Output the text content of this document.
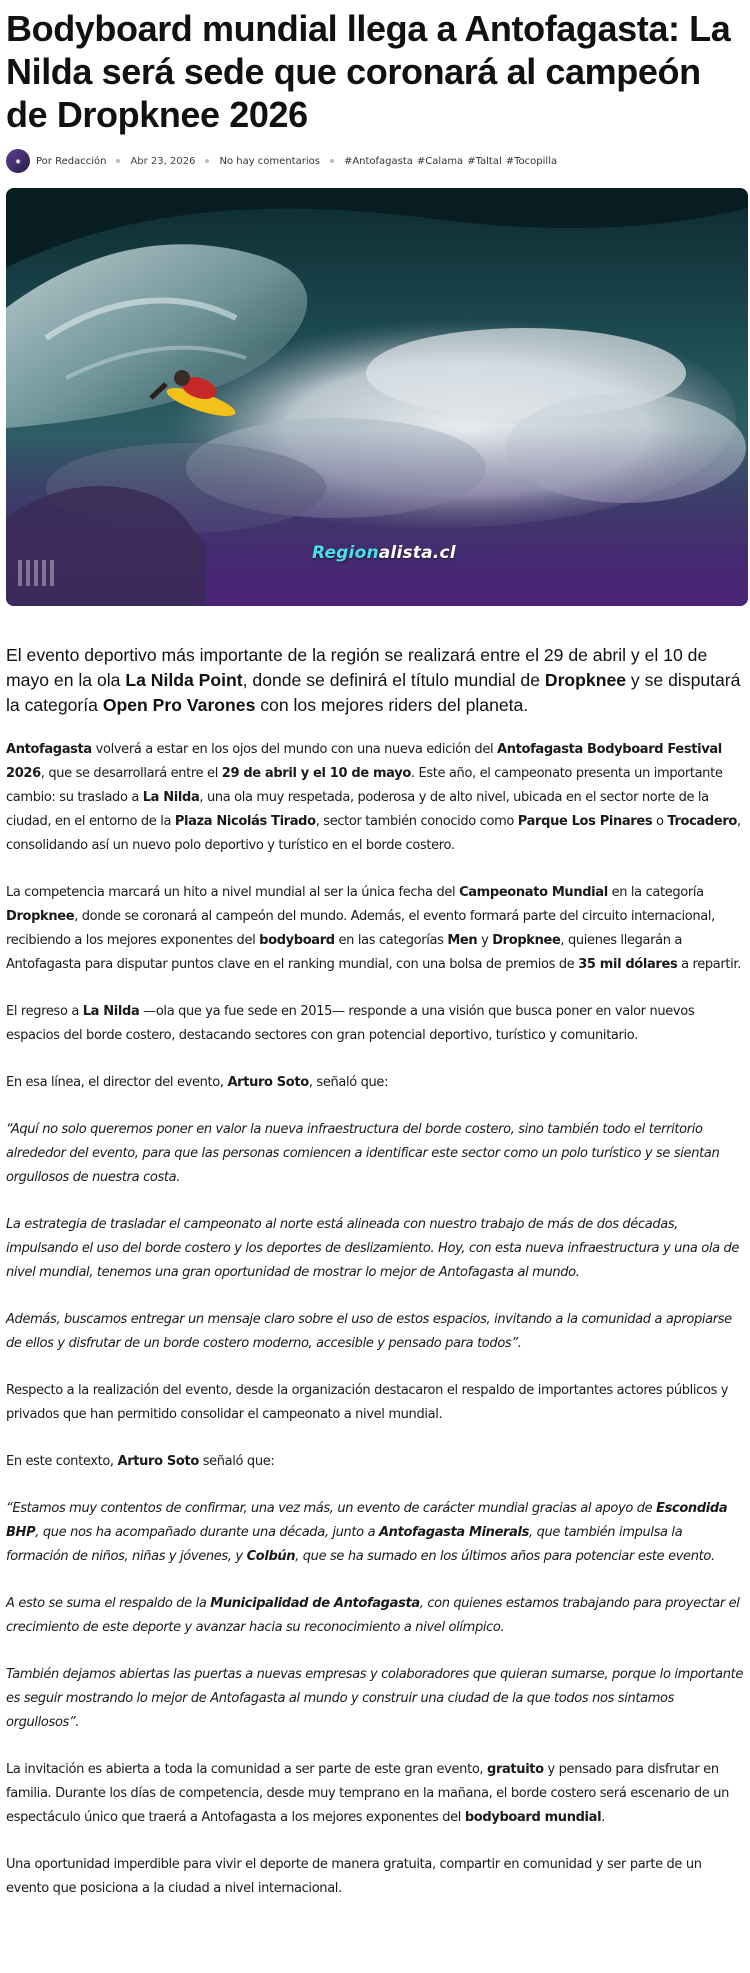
Bodyboard mundial llega a Antofagasta: La Nilda será sede que coronará al campeón de Dropknee 2026
◉ Por Redacción Abr 23, 2026 No hay comentarios #Antofagasta #Calama #Taltal #Tocopilla
Regionalista.cl
El evento deportivo más importante de la región se realizará entre el 29 de abril y el 10 de mayo en la ola La Nilda Point, donde se definirá el título mundial de Dropknee y se disputará la categoría Open Pro Varones con los mejores riders del planeta.

Antofagasta volverá a estar en los ojos del mundo con una nueva edición del Antofagasta Bodyboard Festival 2026, que se desarrollará entre el 29 de abril y el 10 de mayo. Este año, el campeonato presenta un importante cambio: su traslado a La Nilda, una ola muy respetada, poderosa y de alto nivel, ubicada en el sector norte de la ciudad, en el entorno de la Plaza Nicolás Tirado, sector también conocido como Parque Los Pinares o Trocadero, consolidando así un nuevo polo deportivo y turístico en el borde costero.

La competencia marcará un hito a nivel mundial al ser la única fecha del Campeonato Mundial en la categoría Dropknee, donde se coronará al campeón del mundo. Además, el evento formará parte del circuito internacional, recibiendo a los mejores exponentes del bodyboard en las categorías Men y Dropknee, quienes llegarán a Antofagasta para disputar puntos clave en el ranking mundial, con una bolsa de premios de 35 mil dólares a repartir.

El regreso a La Nilda —ola que ya fue sede en 2015— responde a una visión que busca poner en valor nuevos espacios del borde costero, destacando sectores con gran potencial deportivo, turístico y comunitario.

En esa línea, el director del evento, Arturo Soto, señaló que:

“Aquí no solo queremos poner en valor la nueva infraestructura del borde costero, sino también todo el territorio alrededor del evento, para que las personas comiencen a identificar este sector como un polo turístico y se sientan orgullosos de nuestra costa.

La estrategia de trasladar el campeonato al norte está alineada con nuestro trabajo de más de dos décadas, impulsando el uso del borde costero y los deportes de deslizamiento. Hoy, con esta nueva infraestructura y una ola de nivel mundial, tenemos una gran oportunidad de mostrar lo mejor de Antofagasta al mundo.

Además, buscamos entregar un mensaje claro sobre el uso de estos espacios, invitando a la comunidad a apropiarse de ellos y disfrutar de un borde costero moderno, accesible y pensado para todos”.

Respecto a la realización del evento, desde la organización destacaron el respaldo de importantes actores públicos y privados que han permitido consolidar el campeonato a nivel mundial.

En este contexto, Arturo Soto señaló que:

“Estamos muy contentos de confirmar, una vez más, un evento de carácter mundial gracias al apoyo de Escondida BHP, que nos ha acompañado durante una década, junto a Antofagasta Minerals, que también impulsa la formación de niños, niñas y jóvenes, y Colbún, que se ha sumado en los últimos años para potenciar este evento.

A esto se suma el respaldo de la Municipalidad de Antofagasta, con quienes estamos trabajando para proyectar el crecimiento de este deporte y avanzar hacia su reconocimiento a nivel olímpico.

También dejamos abiertas las puertas a nuevas empresas y colaboradores que quieran sumarse, porque lo importante es seguir mostrando lo mejor de Antofagasta al mundo y construir una ciudad de la que todos nos sintamos orgullosos”.

La invitación es abierta a toda la comunidad a ser parte de este gran evento, gratuito y pensado para disfrutar en familia. Durante los días de competencia, desde muy temprano en la mañana, el borde costero será escenario de un espectáculo único que traerá a Antofagasta a los mejores exponentes del bodyboard mundial.

Una oportunidad imperdible para vivir el deporte de manera gratuita, compartir en comunidad y ser parte de un evento que posiciona a la ciudad a nivel internacional.
